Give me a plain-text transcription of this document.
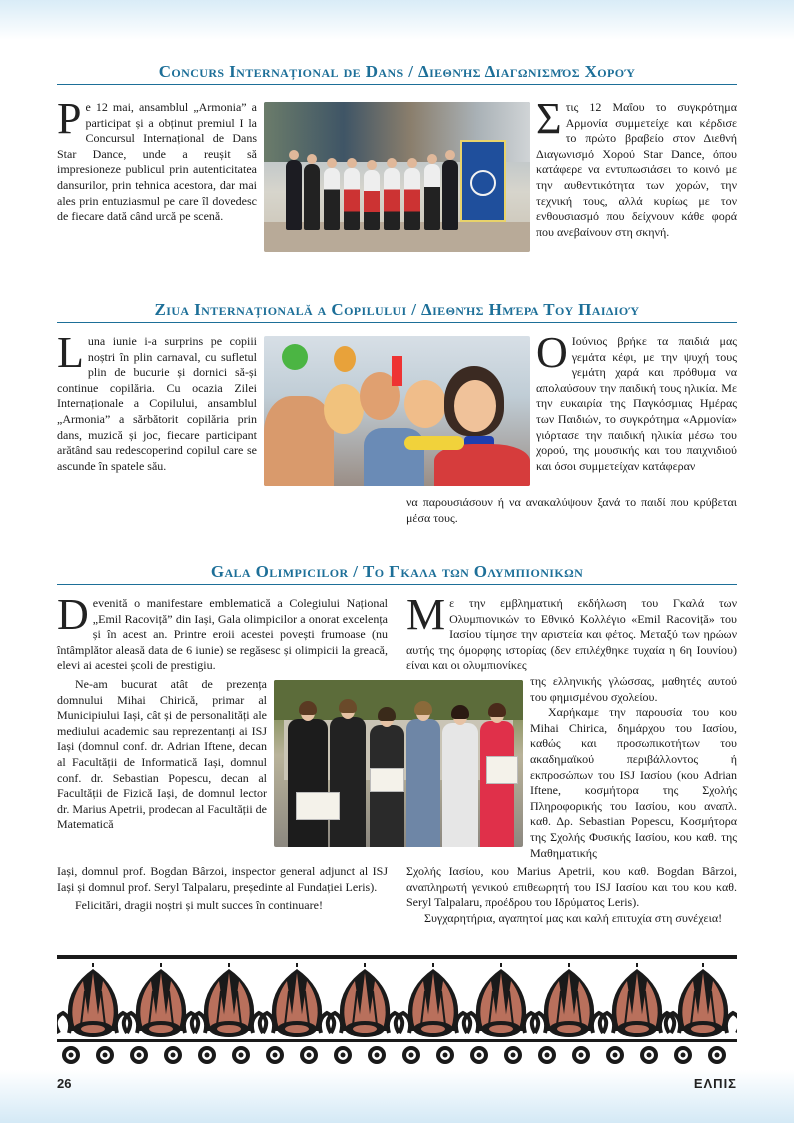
Concurs Internațional de Dans / Διεθνής Διαγωνισμός Χορού
Pe 12 mai, ansamblul „Armonia” a participat și a obținut premiul I la Concursul Internațional de Dans Star Dance, unde a reușit să impresioneze publicul prin autenticitatea dansurilor, prin tehnica acestora, dar mai ales prin entuziasmul pe care îl dovedesc de fiecare dată când urcă pe scenă.
Στις 12 Μαΐου το συγκρότημα Αρμονία συμμετείχε και κέρδισε το πρώτο βραβείο στον Διεθνή Διαγωνισμό Χορού Star Dance, όπου κατάφερε να εντυπωσιάσει το κοινό με την αυθεντικότητα των χορών, την τεχνική τους, αλλά κυρίως με τον ενθουσιασμό που δείχνουν κάθε φορά που ανεβαίνουν στη σκηνή.
Ziua Internațională a Copilului / Διεθνής Ημέρα Του Παιδιού
Luna iunie i-a surprins pe copiii noștri în plin carnaval, cu sufletul plin de bucurie și dornici să-și continue copilăria. Cu ocazia Zilei Internaționale a Copilului, ansamblul „Armonia” a sărbătorit copilăria prin dans, muzică și joc, fiecare participant arătând sau redescoperind copilul care se ascunde în spatele său.
Ο Ιούνιος βρήκε τα παιδιά μας γεμάτα κέφι, με την ψυχή τους γεμάτη χαρά και πρόθυμα να απολαύσουν την παιδική τους ηλικία. Με την ευκαιρία της Παγκόσμιας Ημέρας των Παιδιών, το συγκρότημα «Αρμονία» γιόρτασε την παιδική ηλικία μέσω του χορού, της μουσικής και του παιχνιδιού και όσοι συμμετείχαν κατάφεραν
να παρουσιάσουν ή να ανακαλύψουν ξανά το παιδί που κρύβεται μέσα τους.
Gala Olimpicilor / Το Γκαλα των Ολυμπιονικων
Devenită o manifestare emblematică a Colegiului Național „Emil Racoviță” din Iași, Gala olimpicilor a onorat excelența și în acest an. Printre eroii acestei povești frumoase (nu întâmplător aleasă data de 6 iunie) se regăsesc și olimpicii la greacă, elevi ai acestei școli de prestigiu.

Ne-am bucurat atât de prezența domnului Mihai Chirică, primar al Municipiului Iași, cât și de personalități ale mediului academic sau reprezentanți ai ISJ Iași (domnul conf. dr. Adrian Iftene, decan al Facultății de Informatică Iași, domnul conf. dr. Sebastian Popescu, decan al Facultății de Fizică Iași, de domnul lector dr. Marius Apetrii, prodecan al Facultății de Matematică

Iași, domnul prof. Bogdan Bârzoi, inspector general adjunct al ISJ Iași și domnul prof. Seryl Talpalaru, președinte al Fundației Leris).

Felicitări, dragii noștri și mult succes în continuare!

Με την εμβληματική εκδήλωση του Γκαλά των Ολυμπιονικών το Εθνικό Κολλέγιο «Emil Racoviță» του Ιασίου τίμησε την αριστεία και φέτος. Μεταξύ των ηρώων αυτής της όμορφης ιστορίας (δεν επιλέχθηκε τυχαία η 6η Ιουνίου) είναι και οι ολυμπιονίκες

της ελληνικής γλώσσας, μαθητές αυτού του φημισμένου σχολείου.

Χαρήκαμε την παρουσία του κου Mihai Chirica, δημάρχου του Ιασίου, καθώς και προσωπικοτήτων του ακαδημαϊκού περιβάλλοντος ή εκπροσώπων του ISJ Ιασίου (κου Adrian Iftene, κοσμήτορα της Σχολής Πληροφορικής του Ιασίου, κου αναπλ. καθ. Δρ. Sebastian Popescu, Κοσμήτορα της Σχολής Φυσικής Ιασίου, κου καθ. της Μαθηματικής

Σχολής Ιασίου, κου Marius Apetrii, κου καθ. Bogdan Bârzoi, αναπληρωτή γενικού επιθεωρητή του ISJ Ιασίου και του κου καθ. Seryl Talpalaru, προέδρου του Ιδρύματος Leris).

Συγχαρητήρια, αγαπητοί μας και καλή επιτυχία στη συνέχεια!

26	ΕΛΠΙΣ
